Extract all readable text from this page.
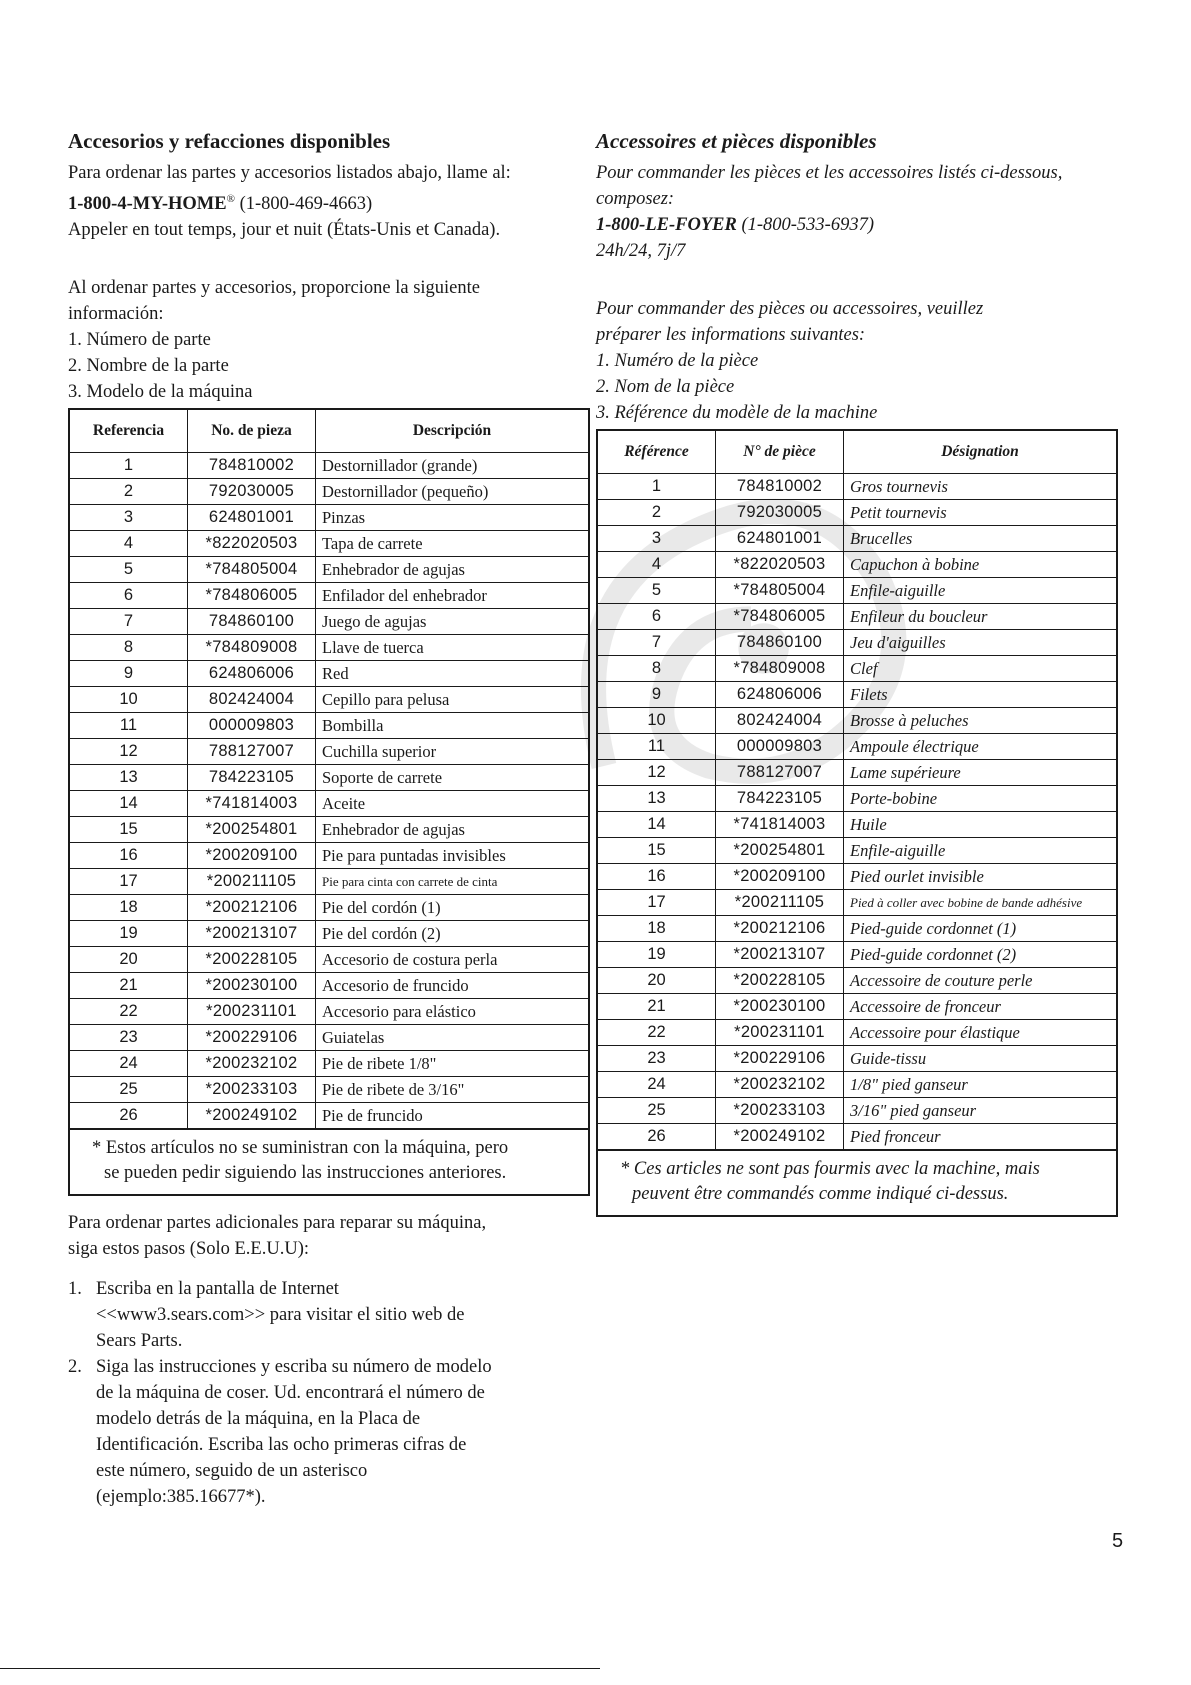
Accesorios y refacciones disponibles

Para ordenar las partes y accesorios listados abajo, llame al:

1-800-4-MY-HOME® (1-800-469-4663)

Appeler en tout temps, jour et nuit (États-Unis et Canada).

Al ordenar partes y accesorios, proporcione la siguiente

información:

1. Número de parte

2. Nombre de la parte

3. Modelo de la máquina

Referencia	No. de pieza	Descripción
1	784810002	Destornillador (grande)
2	792030005	Destornillador (pequeño)
3	624801001	Pinzas
4	*822020503	Tapa de carrete
5	*784805004	Enhebrador de agujas
6	*784806005	Enfilador del enhebrador
7	784860100	Juego de agujas
8	*784809008	Llave de tuerca
9	624806006	Red
10	802424004	Cepillo para pelusa
11	000009803	Bombilla
12	788127007	Cuchilla superior
13	784223105	Soporte de carrete
14	*741814003	Aceite
15	*200254801	Enhebrador de agujas
16	*200209100	Pie para puntadas invisibles
17	*200211105	Pie para cinta con carrete de cinta
18	*200212106	Pie del cordón (1)
19	*200213107	Pie del cordón (2)
20	*200228105	Accesorio de costura perla
21	*200230100	Accesorio de fruncido
22	*200231101	Accesorio para elástico
23	*200229106	Guiatelas
24	*200232102	Pie de ribete 1/8"
25	*200233103	Pie de ribete de 3/16"
26	*200249102	Pie de fruncido

* Estos artículos no se suministran con la máquina, pero

se pueden pedir siguiendo las instrucciones anteriores.

Para ordenar partes adicionales para reparar su máquina,

siga estos pasos (Solo E.E.U.U):

1. Escriba en la pantalla de Internet
<<www3.sears.com>> para visitar el sitio web de
Sears Parts.
2. Siga las instrucciones y escriba su número de modelo
de la máquina de coser. Ud. encontrará el número de
modelo detrás de la máquina, en la Placa de
Identificación. Escriba las ocho primeras cifras de
este número, seguido de un asterisco
(ejemplo:385.16677*).

Accessoires et pièces disponibles

Pour commander les pièces et les accessoires listés ci-dessous,

composez:

1-800-LE-FOYER (1-800-533-6937)

24h/24, 7j/7

Pour commander des pièces ou accessoires, veuillez

préparer les informations suivantes:

1. Numéro de la pièce

2. Nom de la pièce

3. Référence du modèle de la machine

Référence	N° de pièce	Désignation
1	784810002	Gros tournevis
2	792030005	Petit tournevis
3	624801001	Brucelles
4	*822020503	Capuchon à bobine
5	*784805004	Enfile-aiguille
6	*784806005	Enfileur du boucleur
7	784860100	Jeu d'aiguilles
8	*784809008	Clef
9	624806006	Filets
10	802424004	Brosse à peluches
11	000009803	Ampoule électrique
12	788127007	Lame supérieure
13	784223105	Porte-bobine
14	*741814003	Huile
15	*200254801	Enfile-aiguille
16	*200209100	Pied ourlet invisible
17	*200211105	Pied à coller avec bobine de bande adhésive
18	*200212106	Pied-guide cordonnet (1)
19	*200213107	Pied-guide cordonnet (2)
20	*200228105	Accessoire de couture perle
21	*200230100	Accessoire de fronceur
22	*200231101	Accessoire pour élastique
23	*200229106	Guide-tissu
24	*200232102	1/8" pied ganseur
25	*200233103	3/16" pied ganseur
26	*200249102	Pied fronceur

* Ces articles ne sont pas fourmis avec la machine, mais

peuvent être commandés comme indiqué ci-dessus.

5
